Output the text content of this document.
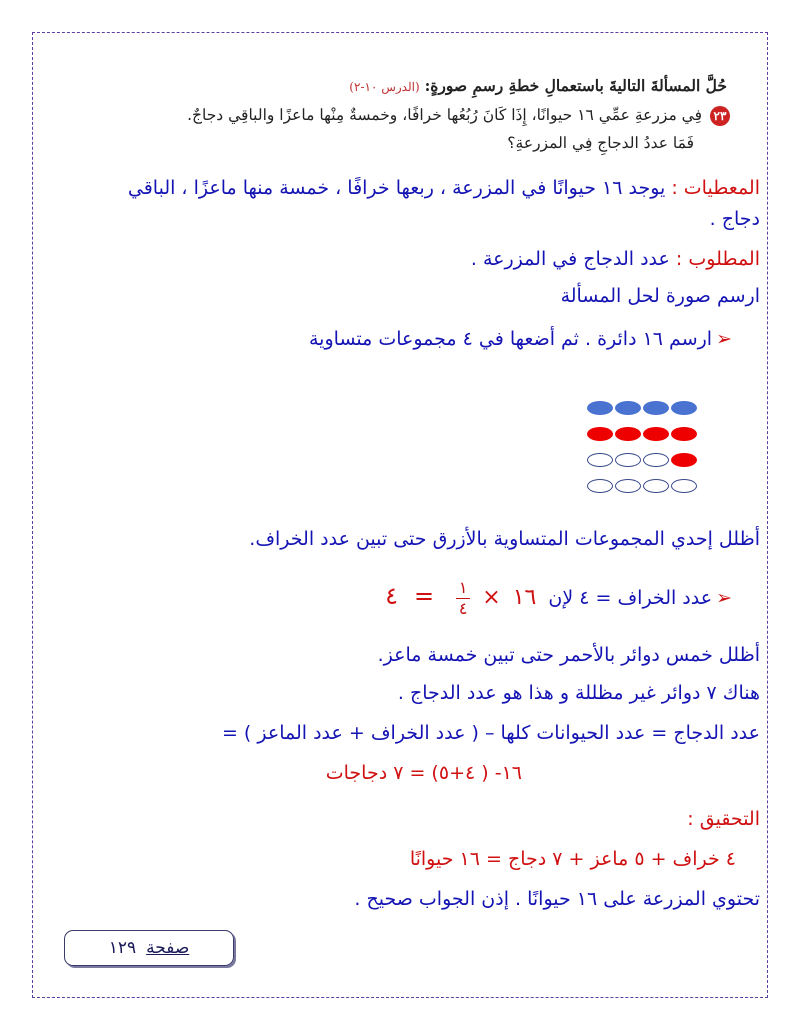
حُلَّ المسألةَ التاليةَ باستعمالِ خطةِ رسمِ صورةٍ: (الدرس ١٠-٢)
٢٣فِي مزرعةِ عمِّي ١٦ حيوانًا، إِذَا كَانَ رُبُعُها خرافًا، وخمسةٌ مِنْها ماعزًا والباقِي دجاجٌ.
فَمَا عددُ الدجاجِ فِي المزرعةِ؟
المعطيات : يوجد ١٦ حيوانًا في المزرعة ، ربعها خرافًا ، خمسة منها ماعزًا ، الباقي
دجاج .
المطلوب : عدد الدجاج في المزرعة .
ارسم صورة لحل المسألة
➢ارسم ١٦ دائرة . ثم أضعها في ٤ مجموعات متساوية
أظلل إحدي المجموعات المتساوية بالأزرق حتى تبين عدد الخراف.
➢عدد الخراف = ٤ لإن ١٦ ×
$\frac{١}{٤}$
= ٤
أظلل خمس دوائر بالأحمر حتى تبين خمسة ماعز.
هناك ٧ دوائر غير مظللة و هذا هو عدد الدجاج .
عدد الدجاج = عدد الحيوانات كلها – ( عدد الخراف + عدد الماعز ) =
١٦- ( ٤+٥) = ٧ دجاجات
التحقيق :
٤ خراف + ٥ ماعز + ٧ دجاج = ١٦ حيوانًا
تحتوي المزرعة على ١٦ حيوانًا . إذن الجواب صحيح .
صفحة١٢٩
